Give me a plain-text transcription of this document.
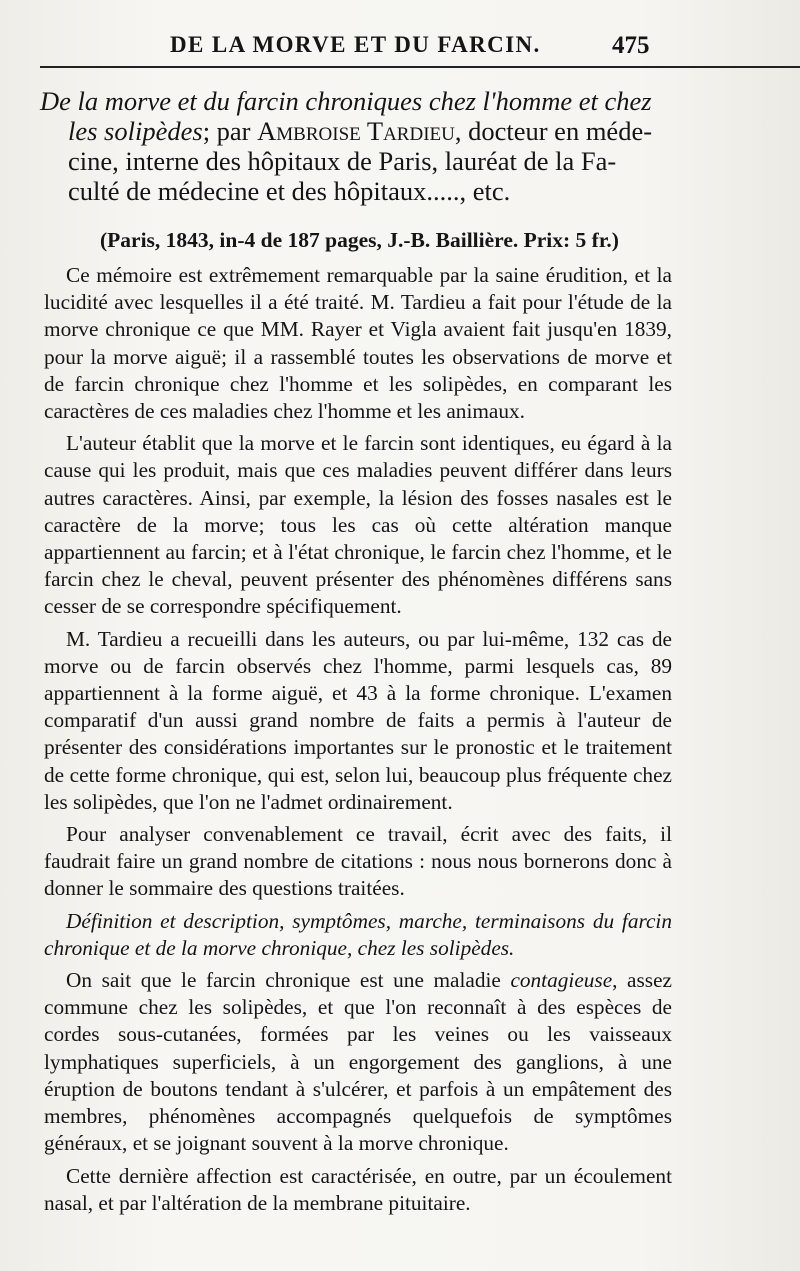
DE LA MORVE ET DU FARCIN.	475
De la morve et du farcin chroniques chez l'homme et chez
les solipèdes; par Ambroise Tardieu, docteur en méde-
cine, interne des hôpitaux de Paris, lauréat de la Fa-
culté de médecine et des hôpitaux....., etc.
(Paris, 1843, in-4 de 187 pages, J.-B. Baillière. Prix: 5 fr.)

Ce mémoire est extrêmement remarquable par la saine érudition, et la lucidité avec lesquelles il a été traité. M. Tardieu a fait pour l'étude de la morve chronique ce que MM. Rayer et Vigla avaient fait jusqu'en 1839, pour la morve aiguë; il a rassemblé toutes les observations de morve et de farcin chronique chez l'homme et les solipèdes, en comparant les caractères de ces maladies chez l'homme et les animaux.

L'auteur établit que la morve et le farcin sont identiques, eu égard à la cause qui les produit, mais que ces maladies peuvent différer dans leurs autres caractères. Ainsi, par exemple, la lésion des fosses nasales est le caractère de la morve; tous les cas où cette altération manque appartiennent au farcin; et à l'état chronique, le farcin chez l'homme, et le farcin chez le cheval, peuvent présenter des phénomènes différens sans cesser de se correspondre spécifiquement.

M. Tardieu a recueilli dans les auteurs, ou par lui-même, 132 cas de morve ou de farcin observés chez l'homme, parmi lesquels cas, 89 appartiennent à la forme aiguë, et 43 à la forme chronique. L'examen comparatif d'un aussi grand nombre de faits a permis à l'auteur de présenter des considérations importantes sur le pronostic et le traitement de cette forme chronique, qui est, selon lui, beaucoup plus fréquente chez les solipèdes, que l'on ne l'admet ordinairement.

Pour analyser convenablement ce travail, écrit avec des faits, il faudrait faire un grand nombre de citations : nous nous bornerons donc à donner le sommaire des questions traitées.

Définition et description, symptômes, marche, terminaisons du farcin chronique et de la morve chronique, chez les solipèdes.

On sait que le farcin chronique est une maladie contagieuse, assez commune chez les solipèdes, et que l'on reconnaît à des espèces de cordes sous-cutanées, formées par les veines ou les vaisseaux lymphatiques superficiels, à un engorgement des ganglions, à une éruption de boutons tendant à s'ulcérer, et parfois à un empâtement des membres, phénomènes accompagnés quelquefois de symptômes généraux, et se joignant souvent à la morve chronique.

Cette dernière affection est caractérisée, en outre, par un écoulement nasal, et par l'altération de la membrane pituitaire.
